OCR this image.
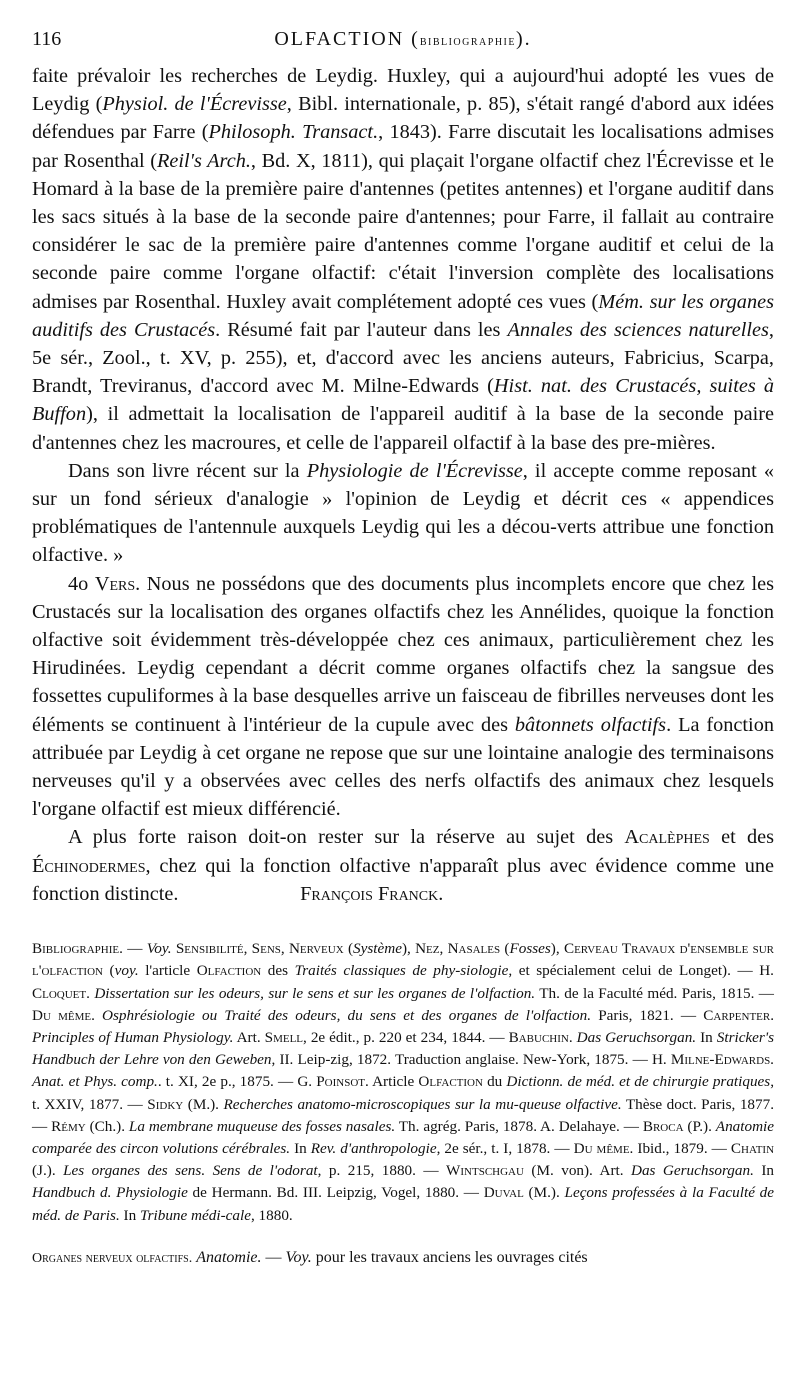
116	OLFACTION (bibliographie).

faite prévaloir les recherches de Leydig. Huxley, qui a aujourd'hui adopté les vues de Leydig (Physiol. de l'Écrevisse, Bibl. internationale, p. 85), s'était rangé d'abord aux idées défendues par Farre (Philosoph. Transact., 1843). Farre discutait les localisations admises par Rosenthal (Reil's Arch., Bd. X, 1811), qui plaçait l'organe olfactif chez l'Écrevisse et le Homard à la base de la première paire d'antennes (petites antennes) et l'organe auditif dans les sacs situés à la base de la seconde paire d'antennes; pour Farre, il fallait au contraire considérer le sac de la première paire d'antennes comme l'organe auditif et celui de la seconde paire comme l'organe olfactif: c'était l'inversion complète des localisations admises par Rosenthal. Huxley avait complétement adopté ces vues (Mém. sur les organes auditifs des Crustacés. Résumé fait par l'auteur dans les Annales des sciences naturelles, 5e sér., Zool., t. XV, p. 255), et, d'accord avec les anciens auteurs, Fabricius, Scarpa, Brandt, Treviranus, d'accord avec M. Milne-Edwards (Hist. nat. des Crustacés, suites à Buffon), il admettait la localisation de l'appareil auditif à la base de la seconde paire d'antennes chez les macroures, et celle de l'appareil olfactif à la base des pre-mières.

Dans son livre récent sur la Physiologie de l'Écrevisse, il accepte comme reposant « sur un fond sérieux d'analogie » l'opinion de Leydig et décrit ces « appendices problématiques de l'antennule auxquels Leydig qui les a décou-verts attribue une fonction olfactive. »

4o Vers. Nous ne possédons que des documents plus incomplets encore que chez les Crustacés sur la localisation des organes olfactifs chez les Annélides, quoique la fonction olfactive soit évidemment très-développée chez ces animaux, particulièrement chez les Hirudinées. Leydig cependant a décrit comme organes olfactifs chez la sangsue des fossettes cupuliformes à la base desquelles arrive un faisceau de fibrilles nerveuses dont les éléments se continuent à l'intérieur de la cupule avec des bâtonnets olfactifs. La fonction attribuée par Leydig à cet organe ne repose que sur une lointaine analogie des terminaisons nerveuses qu'il y a observées avec celles des nerfs olfactifs des animaux chez lesquels l'organe olfactif est mieux différencié.

A plus forte raison doit-on rester sur la réserve au sujet des Acalèphes et des Échinodermes, chez qui la fonction olfactive n'apparaît plus avec évidence comme une fonction distincte.	François Franck.

Bibliographie. — Voy. Sensibilité, Sens, Nerveux (Système), Nez, Nasales (Fosses), Cerveau Travaux d'ensemble sur l'olfaction (voy. l'article Olfaction des Traités classiques de phy-siologie, et spécialement celui de Longet). — H. Cloquet. Dissertation sur les odeurs, sur le sens et sur les organes de l'olfaction. Th. de la Faculté méd. Paris, 1815. — Du même. Osphrésiologie ou Traité des odeurs, du sens et des organes de l'olfaction. Paris, 1821. — Carpenter. Principles of Human Physiology. Art. Smell, 2e édit., p. 220 et 234, 1844. — Babuchin. Das Geruchsorgan. In Stricker's Handbuch der Lehre von den Geweben, II. Leip-zig, 1872. Traduction anglaise. New-York, 1875. — H. Milne-Edwards. Anat. et Phys. comp.. t. XI, 2e p., 1875. — G. Poinsot. Article Olfaction du Dictionn. de méd. et de chirurgie pratiques, t. XXIV, 1877. — Sidky (M.). Recherches anatomo-microscopiques sur la mu-queuse olfactive. Thèse doct. Paris, 1877. — Rémy (Ch.). La membrane muqueuse des fosses nasales. Th. agrég. Paris, 1878. A. Delahaye. — Broca (P.). Anatomie comparée des circon volutions cérébrales. In Rev. d'anthropologie, 2e sér., t. I, 1878. — Du même. Ibid., 1879. — Chatin (J.). Les organes des sens. Sens de l'odorat, p. 215, 1880. — Wintschgau (M. von). Art. Das Geruchsorgan. In Handbuch d. Physiologie de Hermann. Bd. III. Leipzig, Vogel, 1880. — Duval (M.). Leçons professées à la Faculté de méd. de Paris. In Tribune médi-cale, 1880.

Organes nerveux olfactifs. Anatomie. — Voy. pour les travaux anciens les ouvrages cités
